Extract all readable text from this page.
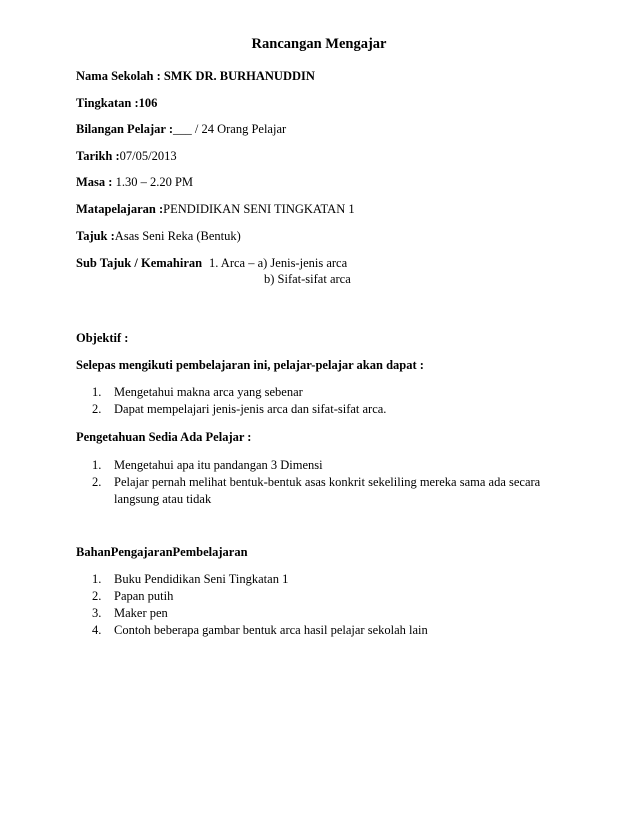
Rancangan Mengajar
Nama Sekolah : SMK DR. BURHANUDDIN
Tingkatan :106
Bilangan Pelajar :___ / 24 Orang Pelajar
Tarikh :07/05/2013
Masa : 1.30 – 2.20 PM
Matapelajaran :PENDIDIKAN SENI TINGKATAN 1
Tajuk :Asas Seni Reka (Bentuk)
Sub Tajuk / Kemahiran 1. Arca – a) Jenis-jenis arca
b) Sifat-sifat arca
Objektif :
Selepas mengikuti pembelajaran ini, pelajar-pelajar akan dapat :
1. Mengetahui makna arca yang sebenar
2. Dapat mempelajari jenis-jenis arca dan sifat-sifat arca.
Pengetahuan Sedia Ada Pelajar :
1. Mengetahui apa itu pandangan 3 Dimensi
2. Pelajar pernah melihat bentuk-bentuk asas konkrit sekeliling mereka sama ada secara langsung atau tidak
BahanPengajaranPembelajaran
1. Buku Pendidikan Seni Tingkatan 1
2. Papan putih
3. Maker pen
4. Contoh beberapa gambar bentuk arca hasil pelajar sekolah lain
